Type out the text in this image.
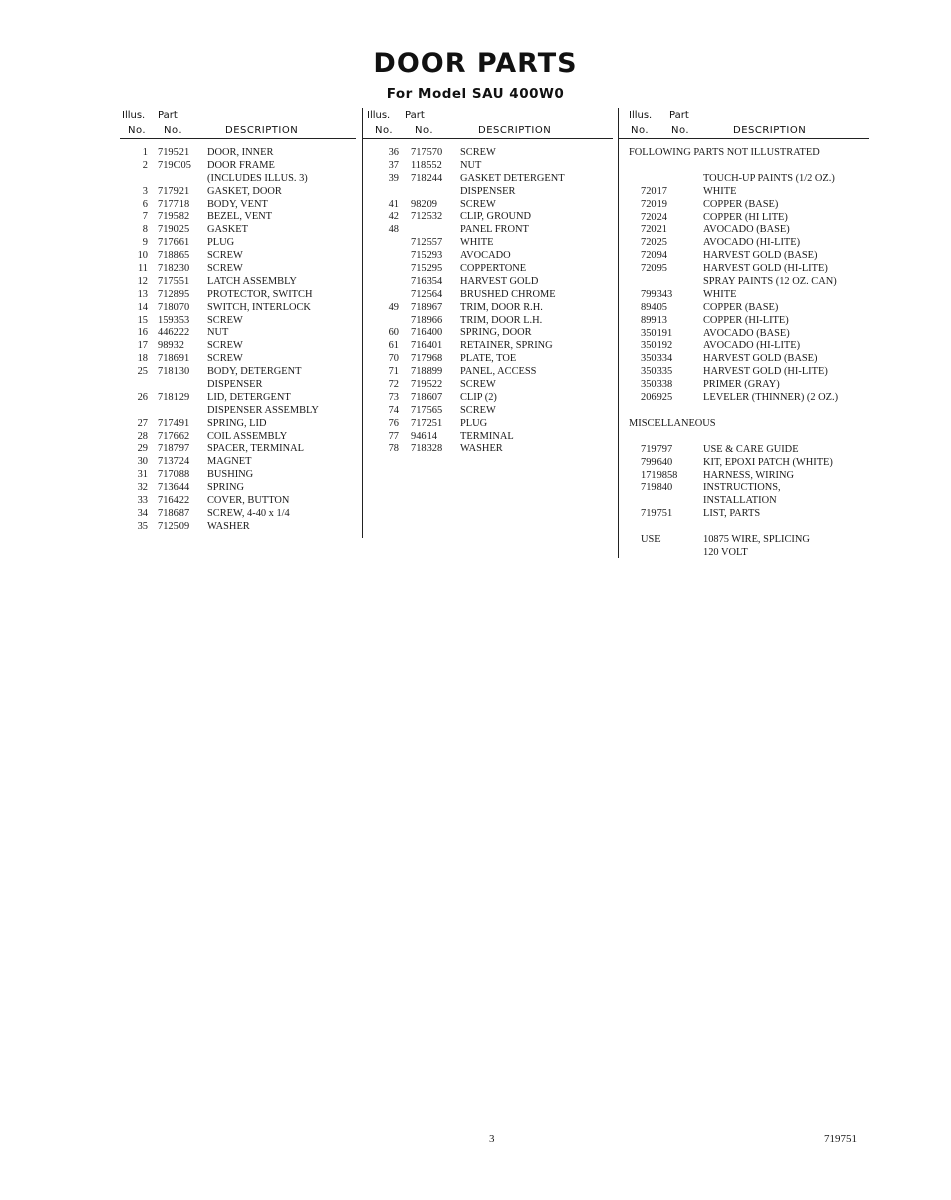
DOOR PARTS
For Model SAU 400W0
Illus. Part
No. No.	DESCRIPTION
1 719521 DOOR, INNER
2 719C05 DOOR FRAME
(INCLUDES ILLUS. 3)
3 717921 GASKET, DOOR
6 717718 BODY, VENT
7 719582 BEZEL, VENT
8 719025 GASKET
9 717661 PLUG
10 718865 SCREW
11 718230 SCREW
12 717551 LATCH ASSEMBLY
13 712895 PROTECTOR, SWITCH
14 718070 SWITCH, INTERLOCK
15 159353 SCREW
16 446222 NUT
17 98932 SCREW
18 718691 SCREW
25 718130 BODY, DETERGENT
DISPENSER
26 718129 LID, DETERGENT
DISPENSER ASSEMBLY
27 717491 SPRING, LID
28 717662 COIL ASSEMBLY
29 718797 SPACER, TERMINAL
30 713724 MAGNET
31 717088 BUSHING
32 713644 SPRING
33 716422 COVER, BUTTON
34 718687 SCREW, 4-40 x 1/4
35 712509 WASHER
Illus. Part
No. No.	DESCRIPTION
36 717570 SCREW
37 118552 NUT
39 718244 GASKET DETERGENT
DISPENSER
41 98209 SCREW
42 712532 CLIP, GROUND
48	PANEL FRONT
712557 WHITE
715293 AVOCADO
715295 COPPERTONE
716354 HARVEST GOLD
712564 BRUSHED CHROME
49 718967 TRIM, DOOR R.H.
718966 TRIM, DOOR L.H.
60 716400 SPRING, DOOR
61 716401 RETAINER, SPRING
70 717968 PLATE, TOE
71 718899 PANEL, ACCESS
72 719522 SCREW
73 718607 CLIP (2)
74 717565 SCREW
76 717251 PLUG
77 94614 TERMINAL
78 718328 WASHER
Illus. Part
No. No.	DESCRIPTION
FOLLOWING PARTS NOT ILLUSTRATED
TOUCH-UP PAINTS (1/2 OZ.)
72017	WHITE
72019	COPPER (BASE)
72024	COPPER (HI LITE)
72021	AVOCADO (BASE)
72025	AVOCADO (HI-LITE)
72094	HARVEST GOLD (BASE)
72095	HARVEST GOLD (HI-LITE)
SPRAY PAINTS (12 OZ. CAN)
799343	WHITE
89405	COPPER (BASE)
89913	COPPER (HI-LITE)
350191	AVOCADO (BASE)
350192	AVOCADO (HI-LITE)
350334	HARVEST GOLD (BASE)
350335	HARVEST GOLD (HI-LITE)
350338	PRIMER (GRAY)
206925	LEVELER (THINNER) (2 OZ.)
MISCELLANEOUS
719797	USE & CARE GUIDE
799640	KIT, EPOXI PATCH (WHITE)
1719858 HARNESS, WIRING
719840	INSTRUCTIONS,
INSTALLATION
719751	LIST, PARTS
USE	10875 WIRE, SPLICING
120 VOLT
3	719751
